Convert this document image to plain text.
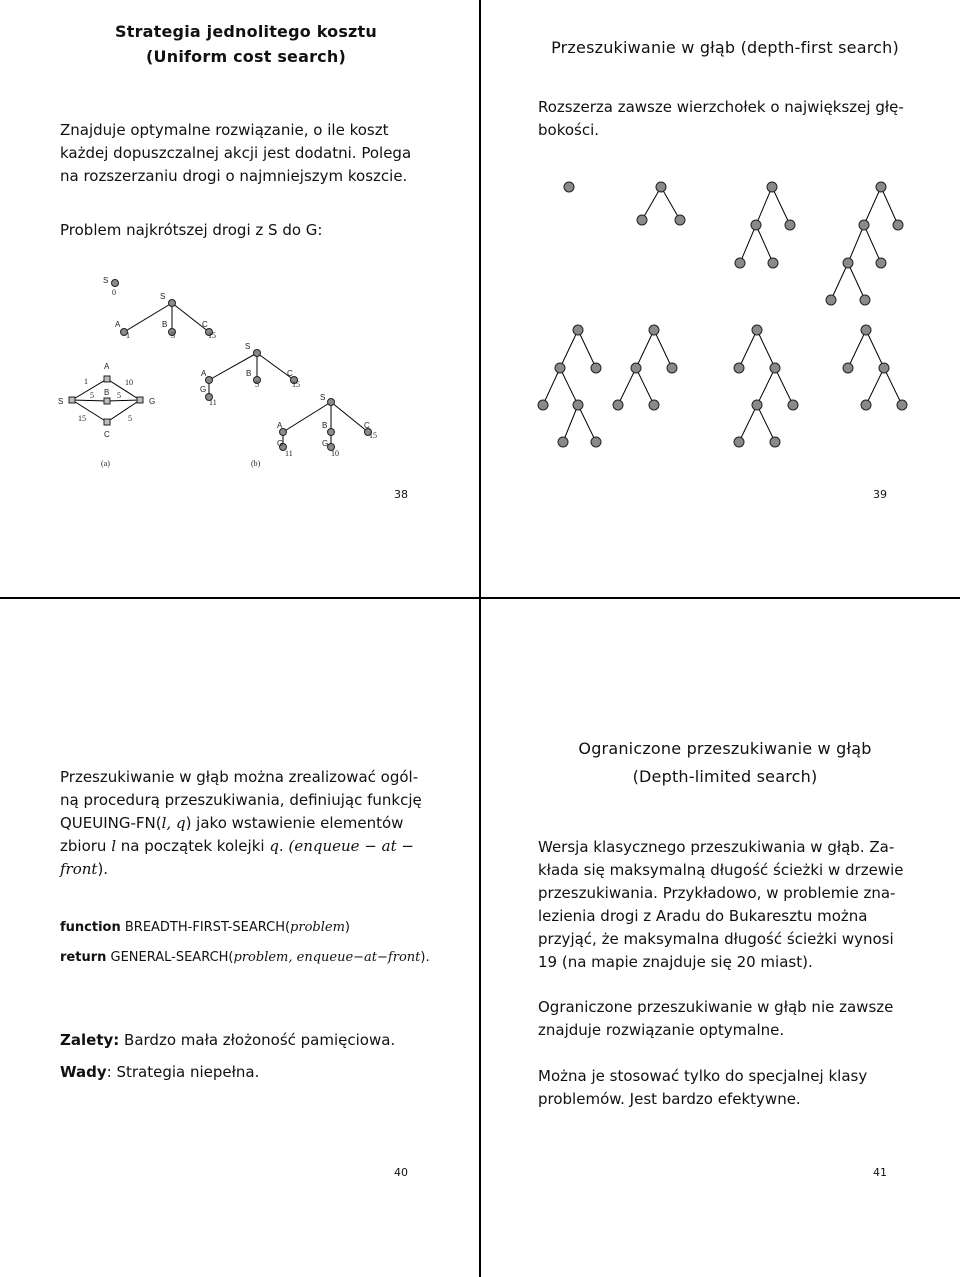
Strategia jednolitego kosztu
(Uniform cost search)
Znajduje optymalne rozwiązanie, o ile koszt
każdej dopuszczalnej akcji jest dodatni. Polega
na rozszerzaniu drogi o najmniejszym koszcie.
Problem najkrótszej drogi z S do G:
S
A
B
C
G
1	10
5	5
15	5
(a)
S
0	S
A	B	C
1	5	15
S
A	B	C
5	15
G
11
S
A	B	C
15
G	G
11	10
(b)
38
Przeszukiwanie w głąb (depth-first search)
Rozszerza zawsze wierzchołek o największej głę-
bokości.
39
Przeszukiwanie w głąb można zrealizować ogól-
ną procedurą przeszukiwania, definiując funkcję
QUEUING-FN(l, q) jako wstawienie elementów
zbioru l na początek kolejki q. (enqueue − at −
front).
function BREADTH-FIRST-SEARCH(problem)
return GENERAL-SEARCH(problem, enqueue−at−front).
Zalety: Bardzo mała złożoność pamięciowa.
Wady: Strategia niepełna.
40
Ograniczone przeszukiwanie w głąb
(Depth-limited search)
Wersja klasycznego przeszukiwania w głąb. Za-
kłada się maksymalną długość ścieżki w drzewie
przeszukiwania. Przykładowo, w problemie zna-
lezienia drogi z Aradu do Bukaresztu można
przyjąć, że maksymalna długość ścieżki wynosi
19 (na mapie znajduje się 20 miast).
Ograniczone przeszukiwanie w głąb nie zawsze
znajduje rozwiązanie optymalne.
Można je stosować tylko do specjalnej klasy
problemów. Jest bardzo efektywne.
41
